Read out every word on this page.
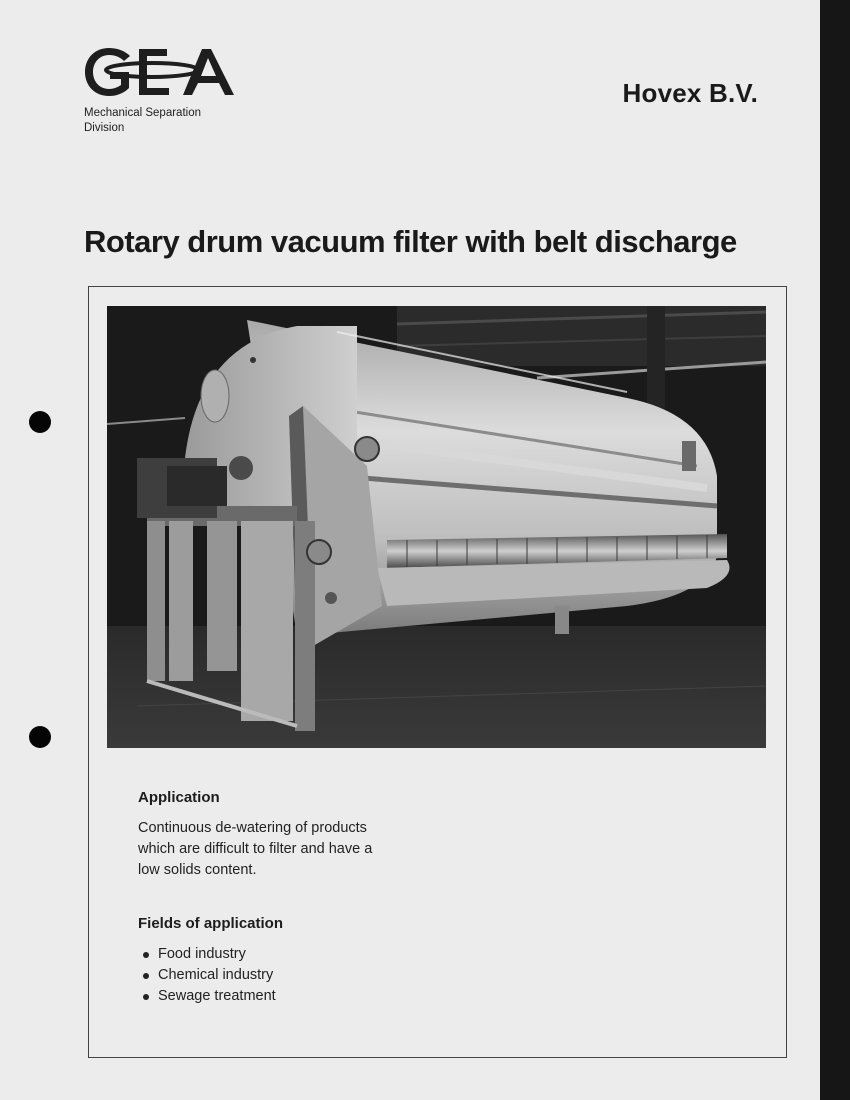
Mechanical Separation
Division
Hovex B.V.
Rotary drum vacuum filter with belt discharge
Application
Continuous de-watering of products which are difficult to filter and have a low solids content.
Fields of application
Food industry
Chemical industry
Sewage treatment
